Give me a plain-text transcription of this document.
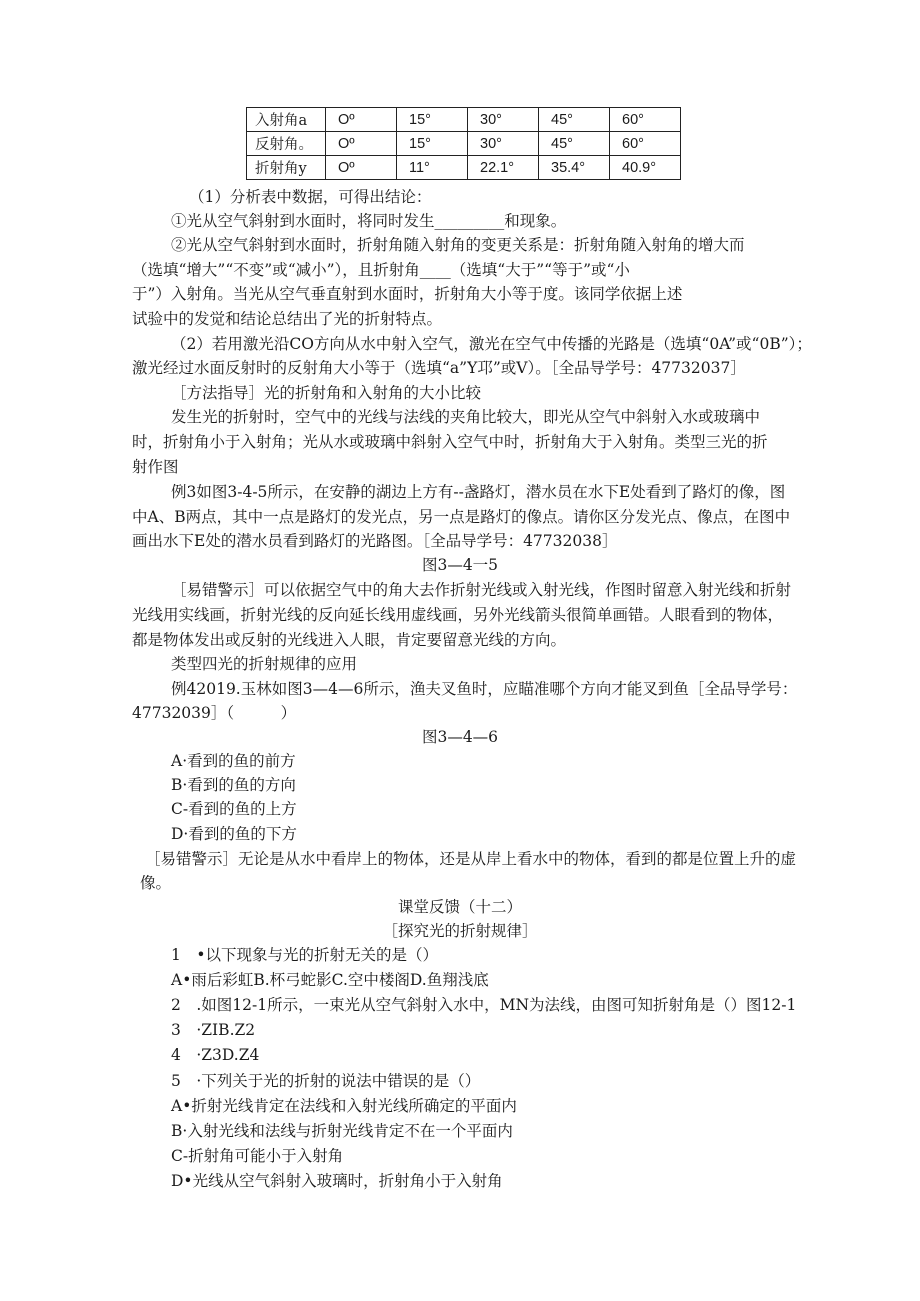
入射角a	Oº	15°	30°	45°	60°
反射角。	Oº	15°	30°	45°	60°
折射角y	Oº	11°	22.1°	35.4°	40.9°
（1）分析表中数据，可得出结论：
①光从空气斜射到水面时，将同时发生_________和现象。
②光从空气斜射到水面时，折射角随入射角的变更关系是：折射角随入射角的增大而
（选填“增大”“不变”或“减小”），且折射角____（选填“大于”“等于”或“小
于”）入射角。当光从空气垂直射到水面时，折射角大小等于度。该同学依据上述
试验中的发觉和结论总结出了光的折射特点。
（2）若用激光沿CO方向从水中射入空气，激光在空气中传播的光路是（选填“0A”或“0B”）；
激光经过水面反射时的反射角大小等于（选填“a”Y邛”或V）。［全品导学号：47732037］
［方法指导］光的折射角和入射角的大小比较
发生光的折射时，空气中的光线与法线的夹角比较大，即光从空气中斜射入水或玻璃中
时，折射角小于入射角；光从水或玻璃中斜射入空气中时，折射角大于入射角。类型三光的折
射作图
例3如图3-4-5所示，在安静的湖边上方有--盏路灯，潜水员在水下E处看到了路灯的像，图
中A、B两点，其中一点是路灯的发光点，另一点是路灯的像点。请你区分发光点、像点，在图中
画出水下E处的潜水员看到路灯的光路图。［全品导学号：47732038］
图3—4一5
［易错警示］可以依据空气中的角大去作折射光线或入射光线，作图时留意入射光线和折射
光线用实线画，折射光线的反向延长线用虚线画，另外光线箭头很简单画错。人眼看到的物体，
都是物体发出或反射的光线进入人眼，肯定要留意光线的方向。
类型四光的折射规律的应用
例42019.玉林如图3—4—6所示，渔夫叉鱼时，应瞄准哪个方向才能叉到鱼［全品导学号：
47732039］（　　　）
图3—4—6
A·看到的鱼的前方
B·看到的鱼的方向
C-看到的鱼的上方
D·看到的鱼的下方
［易错警示］无论是从水中看岸上的物体，还是从岸上看水中的物体，看到的都是位置上升的虚
像。
课堂反馈（十二）
［探究光的折射规律］
1　•以下现象与光的折射无关的是（）
A•雨后彩虹B.杯弓蛇影C.空中楼阁D.鱼翔浅底
2　.如图12-1所示，一束光从空气斜射入水中，MN为法线，由图可知折射角是（）图12-1
3　·ZIB.Z2
4　·Z3D.Z4
5　·下列关于光的折射的说法中错误的是（）
A•折射光线肯定在法线和入射光线所确定的平面内
B·入射光线和法线与折射光线肯定不在一个平面内
C-折射角可能小于入射角
D•光线从空气斜射入玻璃时，折射角小于入射角
